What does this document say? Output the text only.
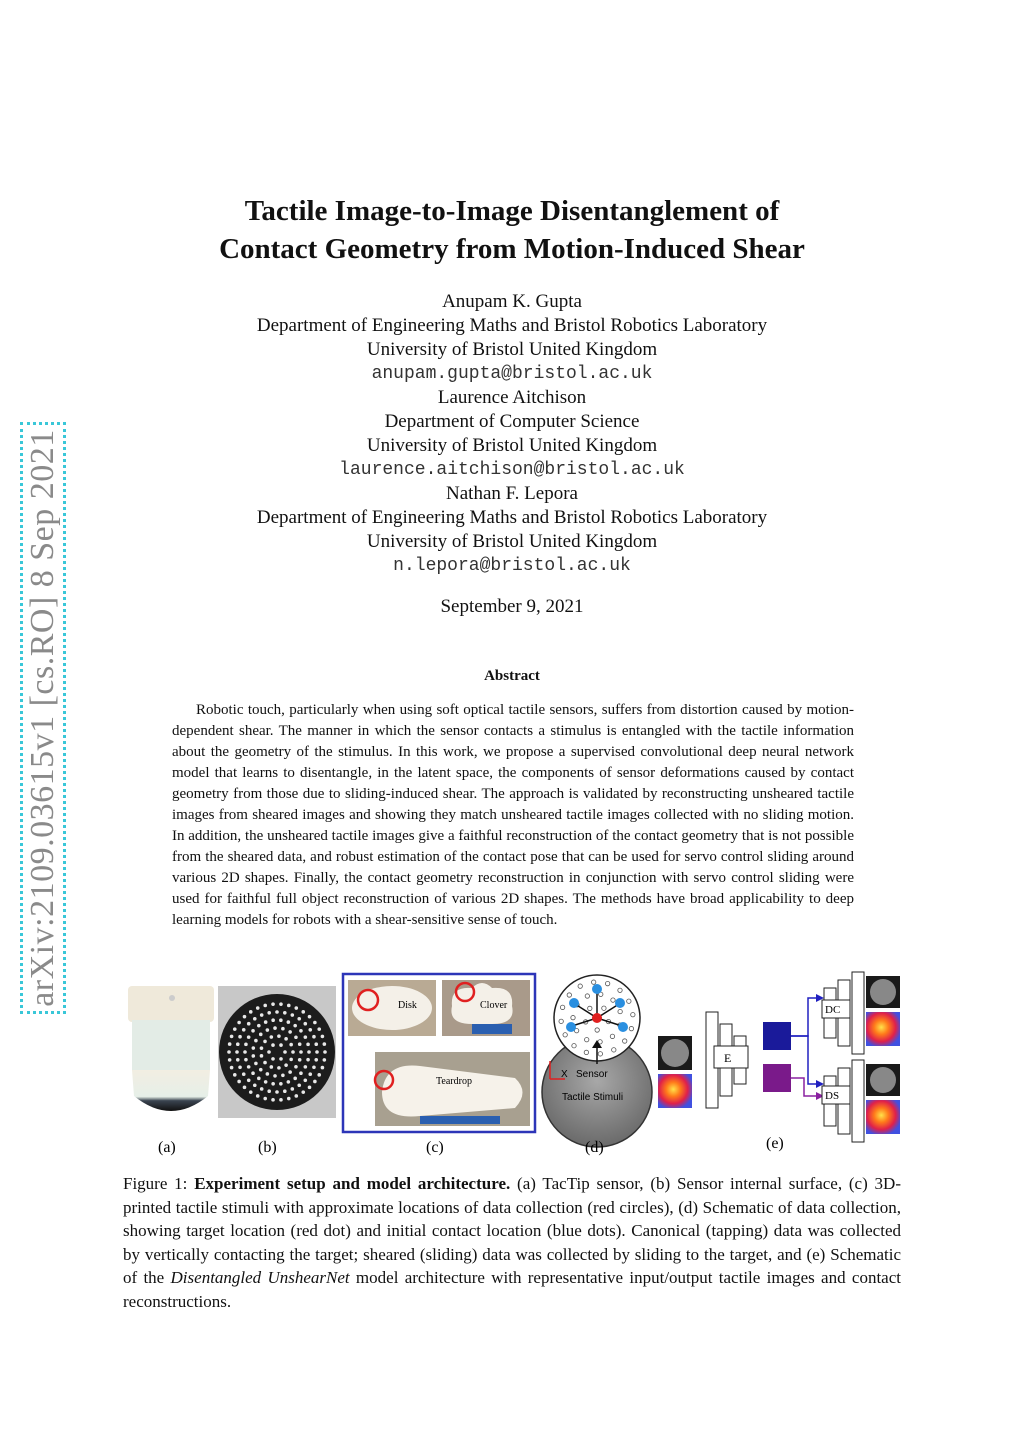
arXiv:2109.03615v1 [cs.RO] 8 Sep 2021
Tactile Image-to-Image Disentanglement of
Contact Geometry from Motion-Induced Shear
Anupam K. Gupta
Department of Engineering Maths and Bristol Robotics Laboratory
University of Bristol United Kingdom
anupam.gupta@bristol.ac.uk
Laurence Aitchison
Department of Computer Science
University of Bristol United Kingdom
laurence.aitchison@bristol.ac.uk
Nathan F. Lepora
Department of Engineering Maths and Bristol Robotics Laboratory
University of Bristol United Kingdom
n.lepora@bristol.ac.uk
September 9, 2021
Abstract

Robotic touch, particularly when using soft optical tactile sensors, suffers from distortion caused by motion-dependent shear. The manner in which the sensor contacts a stimulus is entangled with the tactile information about the geometry of the stimulus. In this work, we propose a supervised convolutional deep neural network model that learns to disentangle, in the latent space, the components of sensor deformations caused by contact geometry from those due to sliding-induced shear. The approach is validated by reconstructing unsheared tactile images from sheared images and showing they match unsheared tactile images collected with no sliding motion. In addition, the unsheared tactile images give a faithful reconstruction of the contact geometry that is not possible from the sheared data, and robust estimation of the contact pose that can be used for servo control sliding around various 2D shapes. Finally, the contact geometry reconstruction in conjunction with servo control sliding were used for faithful full object reconstruction of various 2D shapes. The methods have broad applicability to deep learning models for robots with a shear-sensitive sense of touch.

Disk	Clover
Teardrop
Y
X Sensor
Tactile Stimuli
E
DC
DS
(a)	(b)	(c)	(d)	(e)

Figure 1: Experiment setup and model architecture. (a) TacTip sensor, (b) Sensor internal surface, (c) 3D-printed tactile stimuli with approximate locations of data collection (red circles), (d) Schematic of data collection, showing target location (red dot) and initial contact location (blue dots). Canonical (tapping) data was collected by vertically contacting the target; sheared (sliding) data was collected by sliding to the target, and (e) Schematic of the Disentangled UnshearNet model architecture with representative input/output tactile images and contact reconstructions.
